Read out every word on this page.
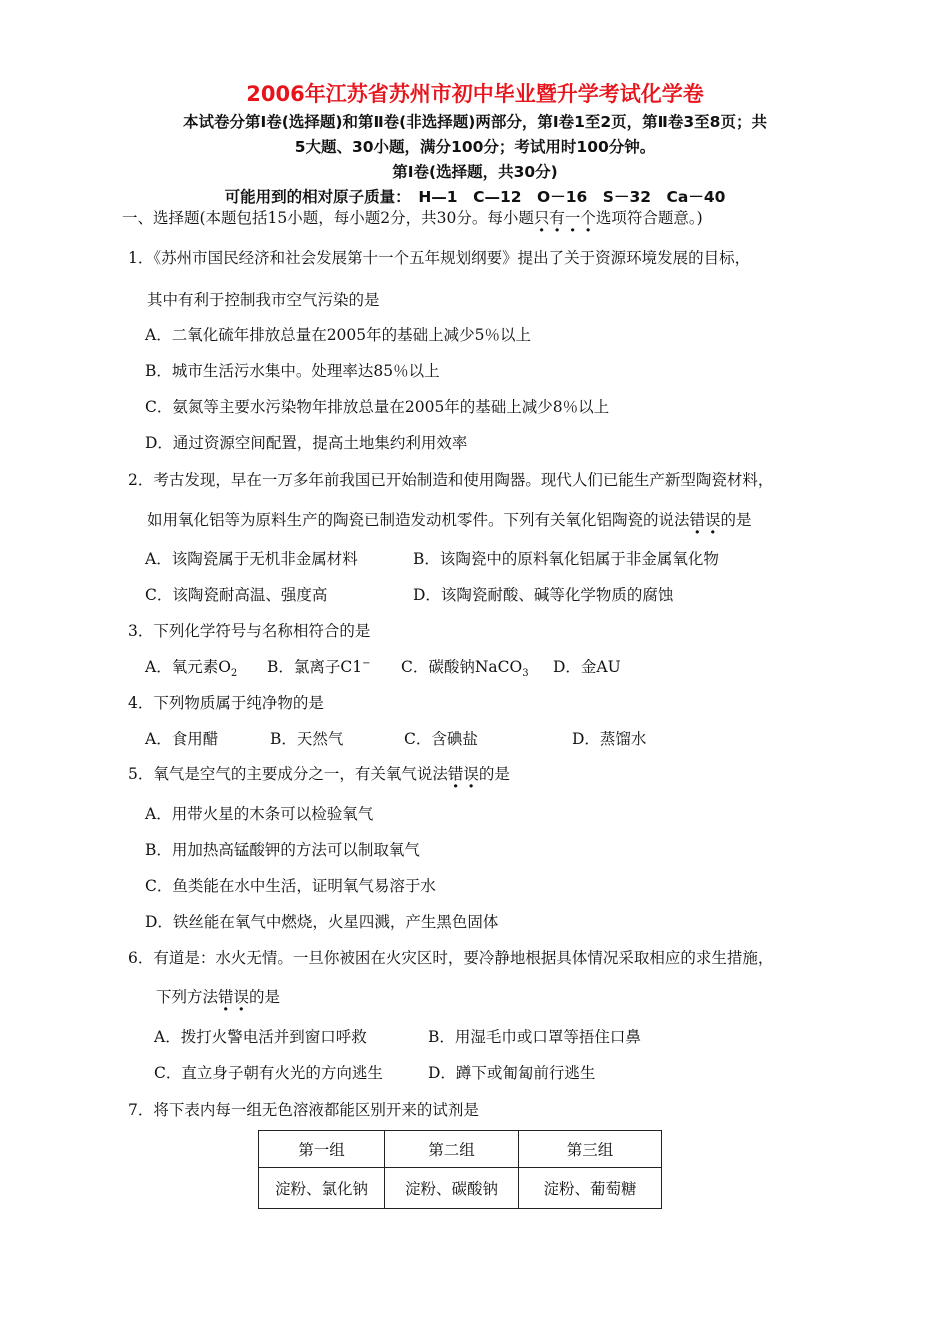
2006年江苏省苏州市初中毕业暨升学考试化学卷
本试卷分第Ⅰ卷(选择题)和第Ⅱ卷(非选择题)两部分，第Ⅰ卷1至2页，第Ⅱ卷3至8页；共
5大题、30小题，满分100分；考试用时100分钟。
第Ⅰ卷(选择题，共30分)
可能用到的相对原子质量：　H—1　C—12　O－16　S－32　Ca－40
一、选择题(本题包括15小题，每小题2分，共30分。每小题只有一个选项符合题意。)
1．《苏州市国民经济和社会发展第十一个五年规划纲要》提出了关于资源环境发展的目标，
其中有利于控制我市空气污染的是
A．二氧化硫年排放总量在2005年的基础上减少5％以上
B．城市生活污水集中。处理率达85％以上
C．氨氮等主要水污染物年排放总量在2005年的基础上减少8％以上
D．通过资源空间配置，提高土地集约利用效率
2．考古发现，早在一万多年前我国已开始制造和使用陶器。现代人们已能生产新型陶瓷材料，
如用氧化铝等为原料生产的陶瓷已制造发动机零件。下列有关氧化铝陶瓷的说法错误的是
A．该陶瓷属于无机非金属材料	B．该陶瓷中的原料氧化铝属于非金属氧化物
C．该陶瓷耐高温、强度高	D．该陶瓷耐酸、碱等化学物质的腐蚀
3．下列化学符号与名称相符合的是
A．氧元素$O_2$ B．氯离子C1− C．碳酸钠NaCO$_3$ D．金AU
4．下列物质属于纯净物的是
A．食用醋	B．天然气	C．含碘盐	D．蒸馏水
5．氧气是空气的主要成分之一，有关氧气说法错误的是
A．用带火星的木条可以检验氧气
B．用加热高锰酸钾的方法可以制取氧气
C．鱼类能在水中生活，证明氧气易溶于水
D．铁丝能在氧气中燃烧，火星四溅，产生黑色固体
6．有道是：水火无情。一旦你被困在火灾区时，要冷静地根据具体情况采取相应的求生措施，
下列方法错误的是
A．拨打火警电活并到窗口呼救	B．用湿毛巾或口罩等捂住口鼻
C．直立身子朝有火光的方向逃生	D．蹲下或匍匐前行逃生
7．将下表内每一组无色溶液都能区别开来的试剂是
第一组	第二组	第三组
淀粉、氯化钠	淀粉、碳酸钠	淀粉、葡萄糖
